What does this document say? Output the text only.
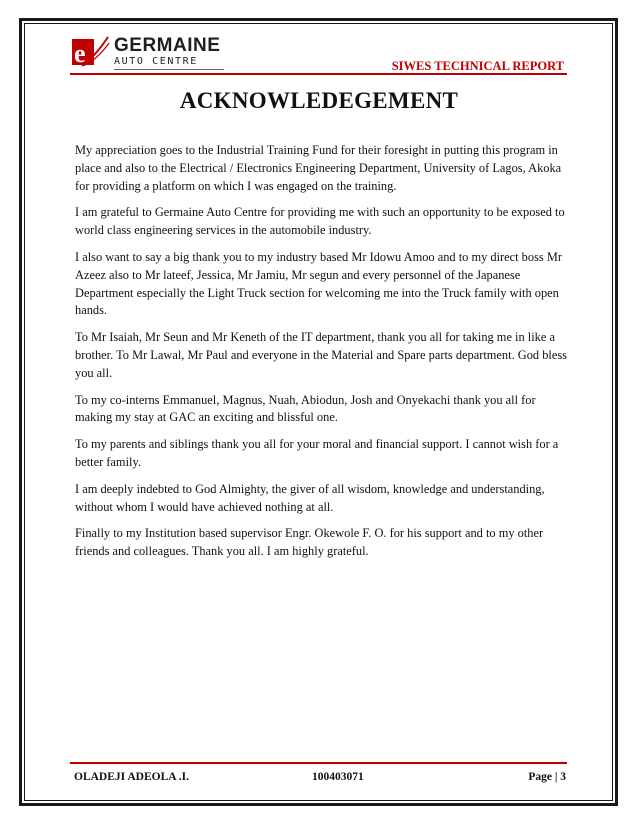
e GERMAINE
AUTO CENTRE	SIWES TECHNICAL REPORT
ACKNOWLEDEGEMENT

My appreciation goes to the Industrial Training Fund for their foresight in putting this program in place and also to the Electrical / Electronics Engineering Department, University of Lagos, Akoka for providing a platform on which I was engaged on the training.

I am grateful to Germaine Auto Centre for providing me with such an opportunity to be exposed to world class engineering services in the automobile industry.

I also want to say a big thank you to my industry based Mr Idowu Amoo and to my direct boss Mr Azeez also to Mr lateef, Jessica, Mr Jamiu, Mr segun and every personnel of the Japanese Department especially the Light Truck section for welcoming me into the Truck family with open hands.

To Mr Isaiah, Mr Seun and Mr Keneth of the IT department, thank you all for taking me in like a brother. To Mr Lawal, Mr Paul and everyone in the Material and Spare parts department. God bless you all.

To my co-interns Emmanuel, Magnus, Nuah, Abiodun, Josh and Onyekachi thank you all for making my stay at GAC an exciting and blissful one.

To my parents and siblings thank you all for your moral and financial support. I cannot wish for a better family.

I am deeply indebted to God Almighty, the giver of all wisdom, knowledge and understanding, without whom I would have achieved nothing at all.

Finally to my Institution based supervisor Engr. Okewole F. O. for his support and to my other friends and colleagues. Thank you all. I am highly grateful.

OLADEJI ADEOLA .I.	100403071	Page | 3
